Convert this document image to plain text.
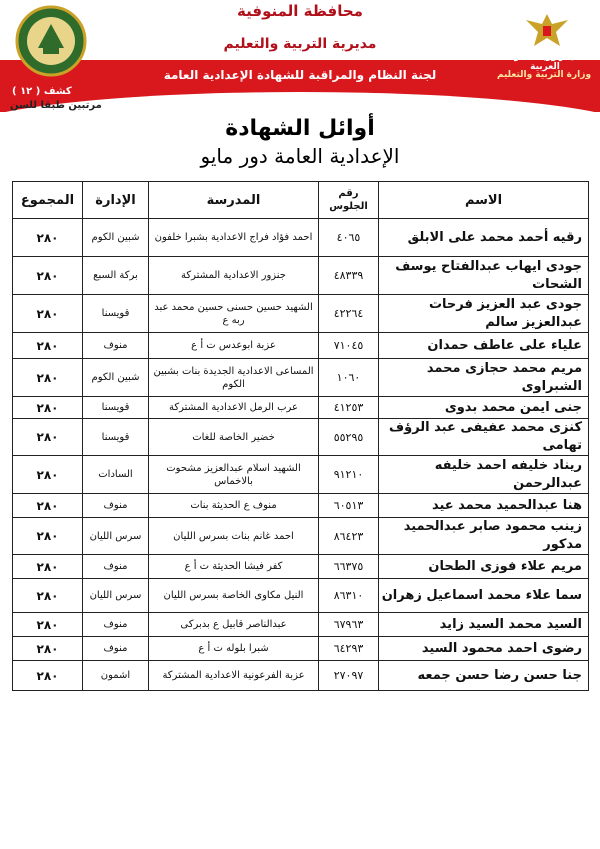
محافظة المنوفية
مديرية التربية والتعليم
لجنة النظام والمراقبة للشهادة الإعدادية العامة
جمهورية مصر العربية
وزارة التربية والتعليم
كشف ( ١٢ )
مرتبين طبقا للسن
أوائل الشهادة
الإعدادية العامة دور مايو
الاسم	رقم الجلوس	المدرسة	الإدارة	المجموع
رقيه أحمد محمد على الابلق	٤٠٦٥	احمد فؤاد فراج الاعدادية بشبرا خلفون	شبين الكوم	٢٨٠
جودى ايهاب عبدالفتاح يوسف الشحات	٤٨٣٣٩	جنزور الاعدادية المشتركة	بركة السبع	٢٨٠
جودى عبد العزيز فرحات عبدالعزيز سالم	٤٢٢٦٤	الشهيد حسين حسنى حسين محمد عبد ربه ع	قويسنا	٢٨٠
علياء على عاطف حمدان	٧١٠٤٥	عزبة ابوعدس ت أ ع	منوف	٢٨٠
مريم محمد حجازى محمد الشبراوى	١٠٦٠	المساعى الاعدادية الجديدة بنات بشبين الكوم	شبين الكوم	٢٨٠
جنى ايمن محمد بدوى	٤١٢٥٣	عرب الرمل الاعدادية المشتركة	قويسنا	٢٨٠
كنزى محمد عفيفى عبد الرؤف تهامى	٥٥٢٩٥	خضير الخاصة للغات	قويسنا	٢٨٠
ريناد خليفه احمد خليفه عبدالرحمن	٩١٢١٠	الشهيد اسلام عبدالعزيز مشحوت بالاخماس	السادات	٢٨٠
هنا عبدالحميد محمد عيد	٦٠٥١٣	منوف ع الحديثة بنات	منوف	٢٨٠
زينب محمود صابر عبدالحميد مدكور	٨٦٤٢٣	احمد غانم بنات بسرس الليان	سرس الليان	٢٨٠
مريم علاء فوزى الطحان	٦٦٣٧٥	كفر فيشا الحديثة ت أ ع	منوف	٢٨٠
سما علاء محمد اسماعيل زهران	٨٦٣١٠	النيل مكاوى الخاصة بسرس الليان	سرس الليان	٢٨٠
السيد محمد السيد زايد	٦٧٩٦٣	عبدالناصر قابيل ع بدبركى	منوف	٢٨٠
رضوى احمد محمود السيد	٦٤٢٩٣	شبرا بلوله ت أ ع	منوف	٢٨٠
جنا حسن رضا حسن جمعه	٢٧٠٩٧	عزبة الفرعونية الاعدادية المشتركة	اشمون	٢٨٠
